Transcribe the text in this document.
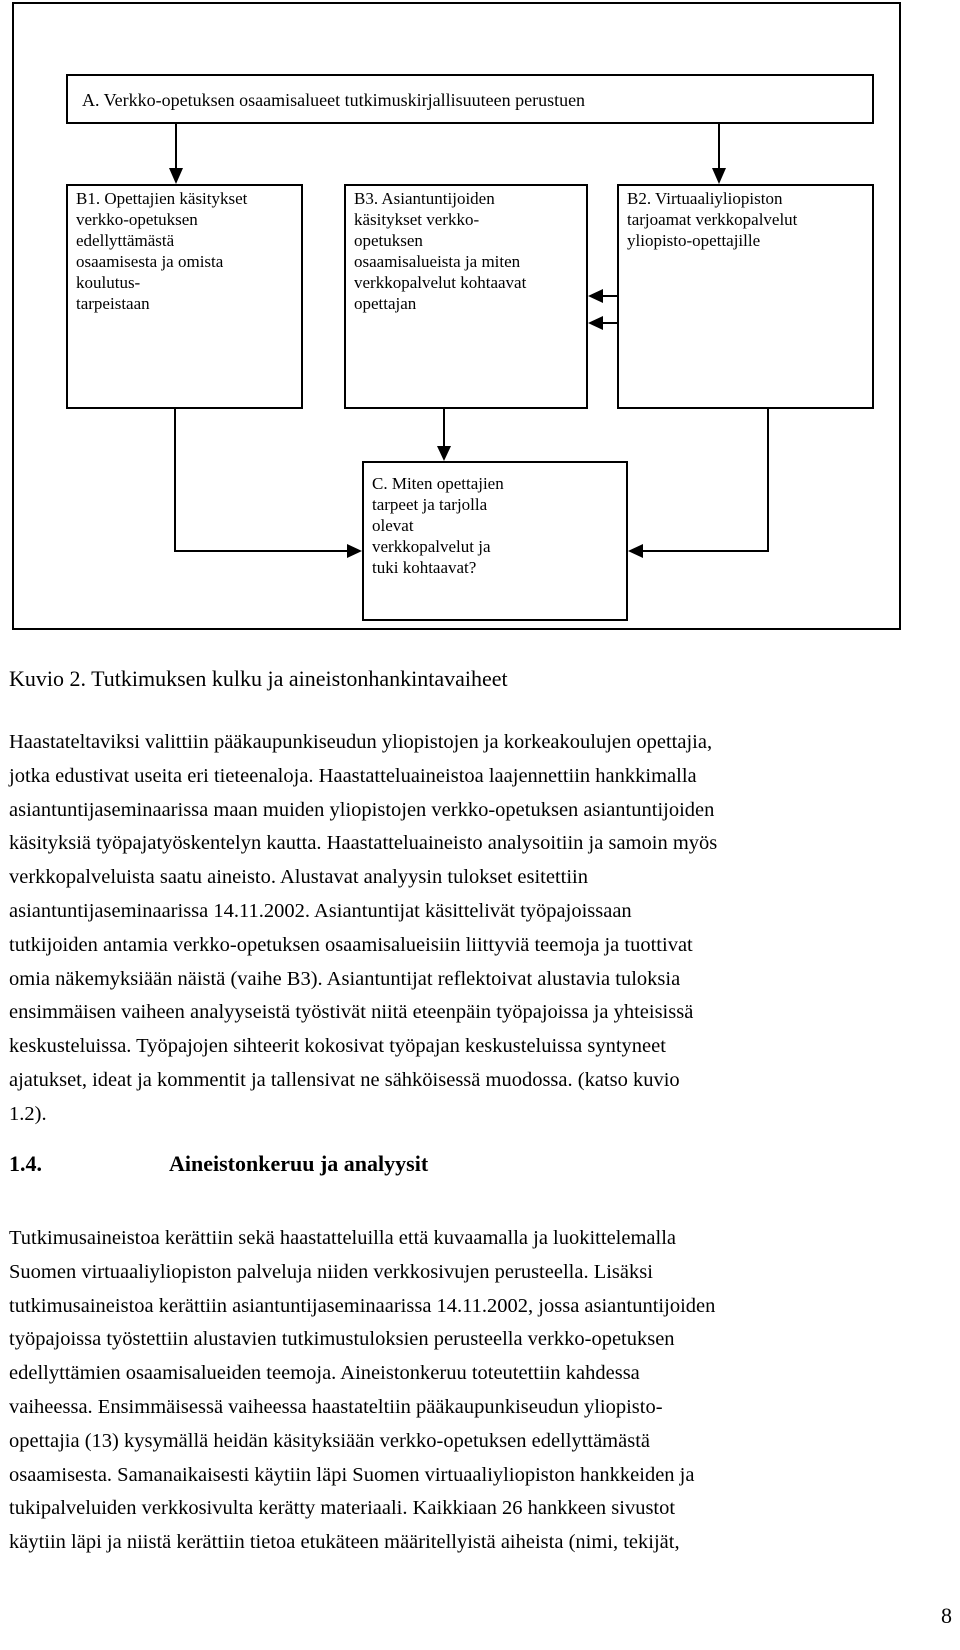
A. Verkko-opetuksen osaamisalueet tutkimuskirjallisuuteen perustuen
B1. Opettajien käsitykset
verkko-opetuksen
edellyttämästä
osaamisesta ja omista
koulutus-
tarpeistaan
B3. Asiantuntijoiden
käsitykset verkko-
opetuksen
osaamisalueista ja miten
verkkopalvelut kohtaavat
opettajan
B2. Virtuaaliyliopiston
tarjoamat verkkopalvelut
yliopisto-opettajille
C. Miten opettajien
tarpeet ja tarjolla
olevat
verkkopalvelut ja
tuki kohtaavat?
Kuvio 2. Tutkimuksen kulku ja aineistonhankintavaiheet
Haastateltaviksi valittiin pääkaupunkiseudun yliopistojen ja korkeakoulujen opettajia,
jotka edustivat useita eri tieteenaloja. Haastatteluaineistoa laajennettiin hankkimalla
asiantuntijaseminaarissa maan muiden yliopistojen verkko-opetuksen asiantuntijoiden
käsityksiä työpajatyöskentelyn kautta. Haastatteluaineisto analysoitiin ja samoin myös
verkkopalveluista saatu aineisto. Alustavat analyysin tulokset esitettiin
asiantuntijaseminaarissa 14.11.2002. Asiantuntijat käsittelivät työpajoissaan
tutkijoiden antamia verkko-opetuksen osaamisalueisiin liittyviä teemoja ja tuottivat
omia näkemyksiään näistä (vaihe B3). Asiantuntijat reflektoivat alustavia tuloksia
ensimmäisen vaiheen analyyseistä työstivät niitä eteenpäin työpajoissa ja yhteisissä
keskusteluissa. Työpajojen sihteerit kokosivat työpajan keskusteluissa syntyneet
ajatukset, ideat ja kommentit ja tallensivat ne sähköisessä muodossa. (katso kuvio
1.2).
1.4.	Aineistonkeruu ja analyysit
Tutkimusaineistoa kerättiin sekä haastatteluilla että kuvaamalla ja luokittelemalla
Suomen virtuaaliyliopiston palveluja niiden verkkosivujen perusteella. Lisäksi
tutkimusaineistoa kerättiin asiantuntijaseminaarissa 14.11.2002, jossa asiantuntijoiden
työpajoissa työstettiin alustavien tutkimustuloksien perusteella verkko-opetuksen
edellyttämien osaamisalueiden teemoja. Aineistonkeruu toteutettiin kahdessa
vaiheessa. Ensimmäisessä vaiheessa haastateltiin pääkaupunkiseudun yliopisto-
opettajia (13) kysymällä heidän käsityksiään verkko-opetuksen edellyttämästä
osaamisesta. Samanaikaisesti käytiin läpi Suomen virtuaaliyliopiston hankkeiden ja
tukipalveluiden verkkosivulta kerätty materiaali. Kaikkiaan 26 hankkeen sivustot
käytiin läpi ja niistä kerättiin tietoa etukäteen määritellyistä aiheista (nimi, tekijät,
8
